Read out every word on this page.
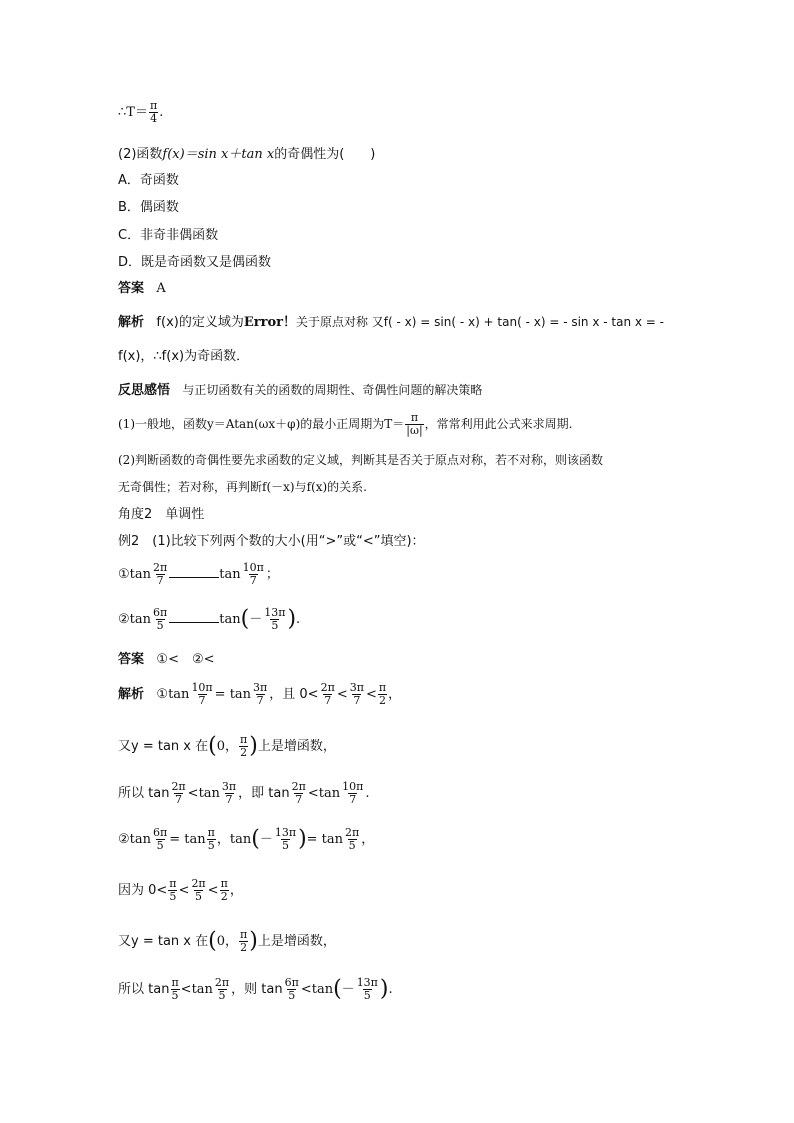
∴T＝ $\frac{\pi}{4}$ .
(2)函数f(x)＝sin x＋tan x的奇偶性为(　　)
A．奇函数
B．偶函数
C．非奇非偶函数
D．既是奇函数又是偶函数
答案 A
解析 f(x)的定义域为Error！关于原点对称 又f( - x) = sin( - x) + tan( - x) = - sin x - tan x = -
f(x)，∴f(x)为奇函数．
反思感悟 与正切函数有关的函数的周期性、奇偶性问题的解决策略
(1)一般地，函数y＝Atan(ωx＋φ)的最小正周期为$T= \frac{\pi}{|\omega|}$ ，常常利用此公式来求周期.
(2)判断函数的奇偶性要先求函数的定义域，判断其是否关于原点对称，若不对称，则该函数
无奇偶性；若对称，再判断f(－x)与f(x)的关系.
角度2　单调性
例2　(1)比较下列两个数的大小(用“>”或“<”填空)：
①tan $\frac{2\pi}{7}$	$\tan \frac{10\pi}{7}$ ；
②tan $\frac{6\pi}{5}$	$\tan(- \frac{13\pi}{5}$ ).
答案 ①<　②<
解析 ①tan $\frac{10\pi}{7} = \tan \frac{3\pi}{7}$ ，且 $0< \frac{2\pi}{7} < \frac{3\pi}{7} < \frac{\pi}{2}$ ，
又y = tan x 在(0， $\frac{\pi}{2}$ )上是增函数，
所以 $\tan \frac{2\pi}{7} <\tan \frac{3\pi}{7}$ ，即 $\tan \frac{2\pi}{7} <\tan \frac{10\pi}{7}$ .
②tan $\frac{6\pi}{5} = \tan \frac{\pi}{5}$ ，$\tan(- \frac{13\pi}{5}$ )= $\tan \frac{2\pi}{5}$ ，
因为 $0< \frac{\pi}{5} < \frac{2\pi}{5} < \frac{\pi}{2}$ ，
又y = tan x 在(0， $\frac{\pi}{2}$ )上是增函数，
所以 $\tan \frac{\pi}{5} <\tan \frac{2\pi}{5}$ ，则 $\tan \frac{6\pi}{5} <\tan(- \frac{13\pi}{5}$ ).
